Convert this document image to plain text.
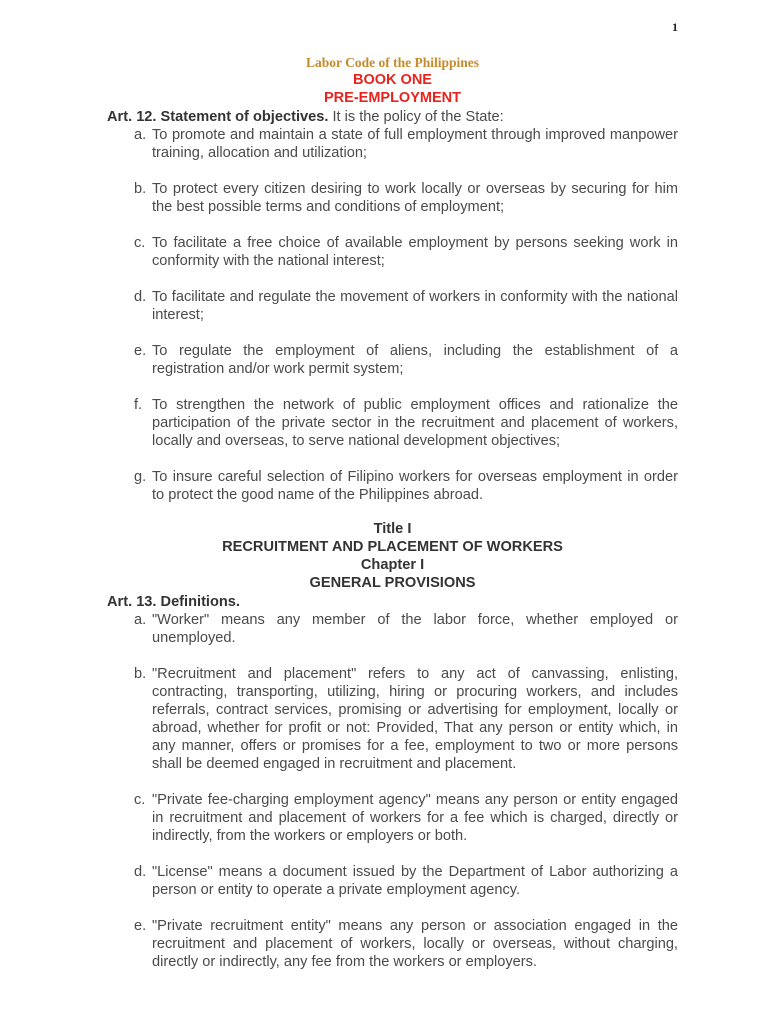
1
Labor Code of the Philippines
BOOK ONE
PRE-EMPLOYMENT
Art. 12. Statement of objectives. It is the policy of the State:
a. To promote and maintain a state of full employment through improved manpower training, allocation and utilization;
b. To protect every citizen desiring to work locally or overseas by securing for him the best possible terms and conditions of employment;
c. To facilitate a free choice of available employment by persons seeking work in conformity with the national interest;
d. To facilitate and regulate the movement of workers in conformity with the national interest;
e. To regulate the employment of aliens, including the establishment of a registration and/or work permit system;
f. To strengthen the network of public employment offices and rationalize the participation of the private sector in the recruitment and placement of workers, locally and overseas, to serve national development objectives;
g. To insure careful selection of Filipino workers for overseas employment in order to protect the good name of the Philippines abroad.
Title I
RECRUITMENT AND PLACEMENT OF WORKERS
Chapter I
GENERAL PROVISIONS
Art. 13. Definitions.
a. "Worker" means any member of the labor force, whether employed or unemployed.
b. "Recruitment and placement" refers to any act of canvassing, enlisting, contracting, transporting, utilizing, hiring or procuring workers, and includes referrals, contract services, promising or advertising for employment, locally or abroad, whether for profit or not: Provided, That any person or entity which, in any manner, offers or promises for a fee, employment to two or more persons shall be deemed engaged in recruitment and placement.
c. "Private fee-charging employment agency" means any person or entity engaged in recruitment and placement of workers for a fee which is charged, directly or indirectly, from the workers or employers or both.
d. "License" means a document issued by the Department of Labor authorizing a person or entity to operate a private employment agency.
e. "Private recruitment entity" means any person or association engaged in the recruitment and placement of workers, locally or overseas, without charging, directly or indirectly, any fee from the workers or employers.
